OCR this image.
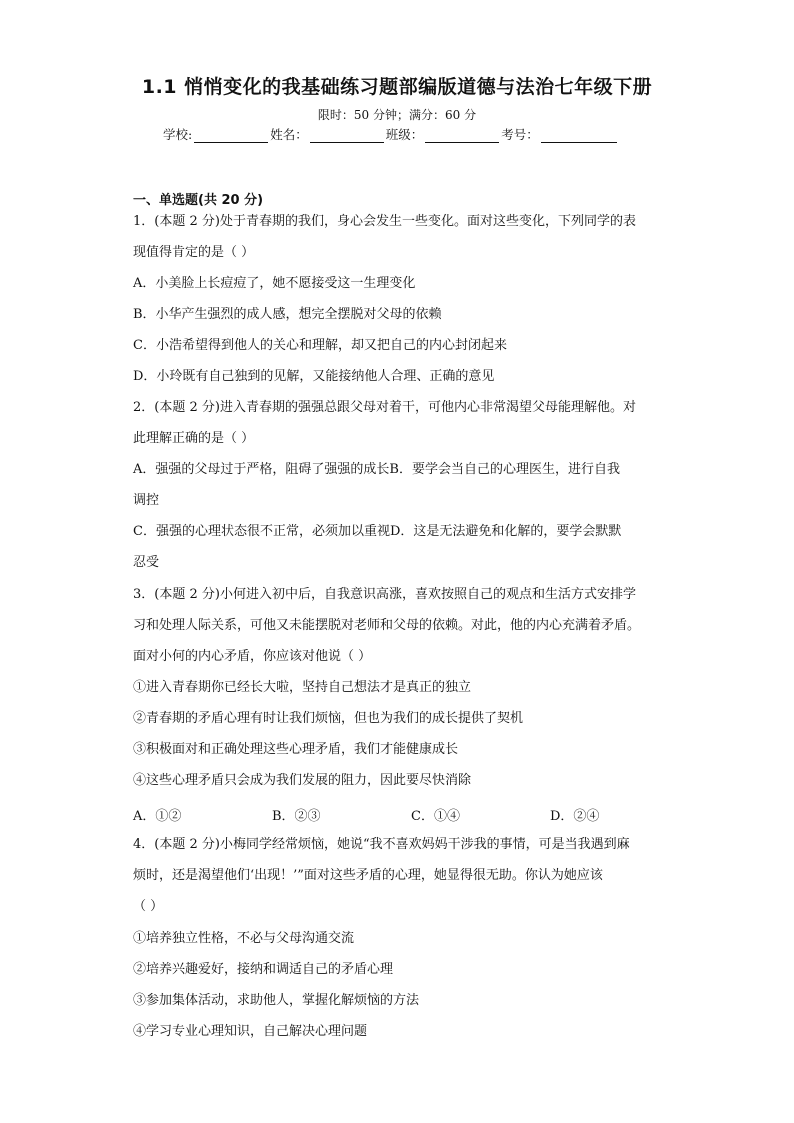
1.1 悄悄变化的我基础练习题部编版道德与法治七年级下册
限时：50 分钟；满分：60 分
学校:	姓名：	班级：	考号：
一、单选题(共 20 分)
1．(本题 2 分)处于青春期的我们，身心会发生一些变化。面对这些变化，下列同学的表
现值得肯定的是（ ）
A．小美脸上长痘痘了，她不愿接受这一生理变化
B．小华产生强烈的成人感，想完全摆脱对父母的依赖
C．小浩希望得到他人的关心和理解，却又把自己的内心封闭起来
D．小玲既有自己独到的见解，又能接纳他人合理、正确的意见
2．(本题 2 分)进入青春期的强强总跟父母对着干，可他内心非常渴望父母能理解他。对
此理解正确的是（ ）
A．强强的父母过于严格，阻碍了强强的成长B．要学会当自己的心理医生，进行自我
调控
C．强强的心理状态很不正常，必须加以重视D．这是无法避免和化解的，要学会默默
忍受
3．(本题 2 分)小何进入初中后，自我意识高涨，喜欢按照自己的观点和生活方式安排学
习和处理人际关系，可他又未能摆脱对老师和父母的依赖。对此，他的内心充满着矛盾。
面对小何的内心矛盾，你应该对他说（ ）
①进入青春期你已经长大啦，坚持自己想法才是真正的独立
②青春期的矛盾心理有时让我们烦恼，但也为我们的成长提供了契机
③积极面对和正确处理这些心理矛盾，我们才能健康成长
④这些心理矛盾只会成为我们发展的阻力，因此要尽快消除
A．①②	B．②③	C．①④	D．②④
4．(本题 2 分)小梅同学经常烦恼，她说“我不喜欢妈妈干涉我的事情，可是当我遇到麻
烦时，还是渴望他们‘出现！’”面对这些矛盾的心理，她显得很无助。你认为她应该
（ ）
①培养独立性格，不必与父母沟通交流
②培养兴趣爱好，接纳和调适自己的矛盾心理
③参加集体活动，求助他人，掌握化解烦恼的方法
④学习专业心理知识，自己解决心理问题
